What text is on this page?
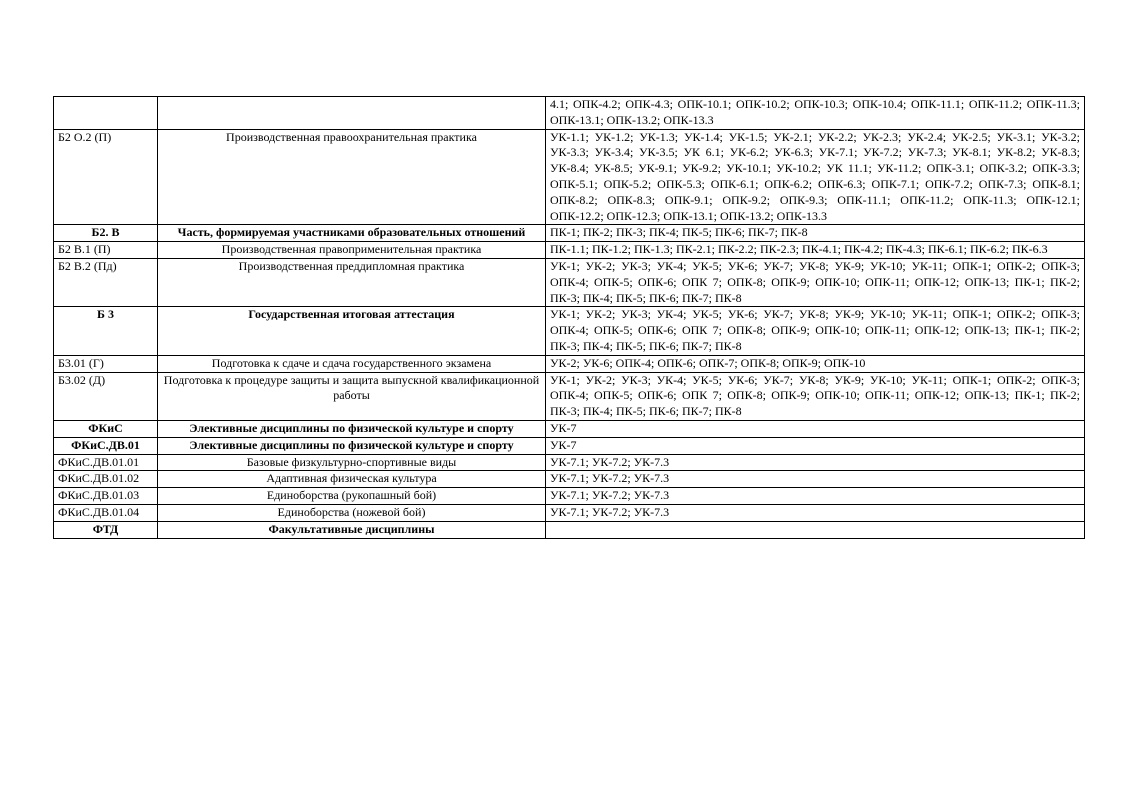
		4.1; ОПК-4.2; ОПК-4.3; ОПК-10.1; ОПК-10.2; ОПК-10.3; ОПК-10.4; ОПК-11.1; ОПК-11.2; ОПК-11.3; ОПК-13.1; ОПК-13.2; ОПК-13.3
Б2 О.2 (П)	Производственная правоохранительная практика	УК-1.1; УК-1.2; УК-1.3; УК-1.4; УК-1.5; УК-2.1; УК-2.2; УК-2.3; УК-2.4; УК-2.5; УК-3.1; УК-3.2; УК-3.3; УК-3.4; УК-3.5; УК 6.1; УК-6.2; УК-6.3; УК-7.1; УК-7.2; УК-7.3; УК-8.1; УК-8.2; УК-8.3; УК-8.4; УК-8.5; УК-9.1; УК-9.2; УК-10.1; УК-10.2; УК 11.1; УК-11.2; ОПК-3.1; ОПК-3.2; ОПК-3.3; ОПК-5.1; ОПК-5.2; ОПК-5.3; ОПК-6.1; ОПК-6.2; ОПК-6.3; ОПК-7.1; ОПК-7.2; ОПК-7.3; ОПК-8.1; ОПК-8.2; ОПК-8.3; ОПК-9.1; ОПК-9.2; ОПК-9.3; ОПК-11.1; ОПК-11.2; ОПК-11.3; ОПК-12.1; ОПК-12.2; ОПК-12.3; ОПК-13.1; ОПК-13.2; ОПК-13.3
Б2. В	Часть, формируемая участниками образовательных отношений	ПК-1; ПК-2; ПК-3; ПК-4; ПК-5; ПК-6; ПК-7; ПК-8
Б2 В.1 (П)	Производственная правоприменительная практика	ПК-1.1; ПК-1.2; ПК-1.3; ПК-2.1; ПК-2.2; ПК-2.3; ПК-4.1; ПК-4.2; ПК-4.3; ПК-6.1; ПК-6.2; ПК-6.3
Б2 В.2 (Пд)	Производственная преддипломная практика	УК-1; УК-2; УК-3; УК-4; УК-5; УК-6; УК-7; УК-8; УК-9; УК-10; УК-11; ОПК-1; ОПК-2; ОПК-3; ОПК-4; ОПК-5; ОПК-6; ОПК 7; ОПК-8; ОПК-9; ОПК-10; ОПК-11; ОПК-12; ОПК-13; ПК-1; ПК-2; ПК-3; ПК-4; ПК-5; ПК-6; ПК-7; ПК-8
Б 3	Государственная итоговая аттестация	УК-1; УК-2; УК-3; УК-4; УК-5; УК-6; УК-7; УК-8; УК-9; УК-10; УК-11; ОПК-1; ОПК-2; ОПК-3; ОПК-4; ОПК-5; ОПК-6; ОПК 7; ОПК-8; ОПК-9; ОПК-10; ОПК-11; ОПК-12; ОПК-13; ПК-1; ПК-2; ПК-3; ПК-4; ПК-5; ПК-6; ПК-7; ПК-8
Б3.01 (Г)	Подготовка к сдаче и сдача государственного экзамена	УК-2; УК-6; ОПК-4; ОПК-6; ОПК-7; ОПК-8; ОПК-9; ОПК-10
Б3.02 (Д)	Подготовка к процедуре защиты и защита выпускной квалификационной работы	УК-1; УК-2; УК-3; УК-4; УК-5; УК-6; УК-7; УК-8; УК-9; УК-10; УК-11; ОПК-1; ОПК-2; ОПК-3; ОПК-4; ОПК-5; ОПК-6; ОПК 7; ОПК-8; ОПК-9; ОПК-10; ОПК-11; ОПК-12; ОПК-13; ПК-1; ПК-2; ПК-3; ПК-4; ПК-5; ПК-6; ПК-7; ПК-8
ФКиС	Элективные дисциплины по физической культуре и спорту	УК-7
ФКиС.ДВ.01	Элективные дисциплины по физической культуре и спорту	УК-7
ФКиС.ДВ.01.01	Базовые физкультурно-спортивные виды	УК-7.1; УК-7.2; УК-7.3
ФКиС.ДВ.01.02	Адаптивная физическая культура	УК-7.1; УК-7.2; УК-7.3
ФКиС.ДВ.01.03	Единоборства (рукопашный бой)	УК-7.1; УК-7.2; УК-7.3
ФКиС.ДВ.01.04	Единоборства (ножевой бой)	УК-7.1; УК-7.2; УК-7.3
ФТД	Факультативные дисциплины	
